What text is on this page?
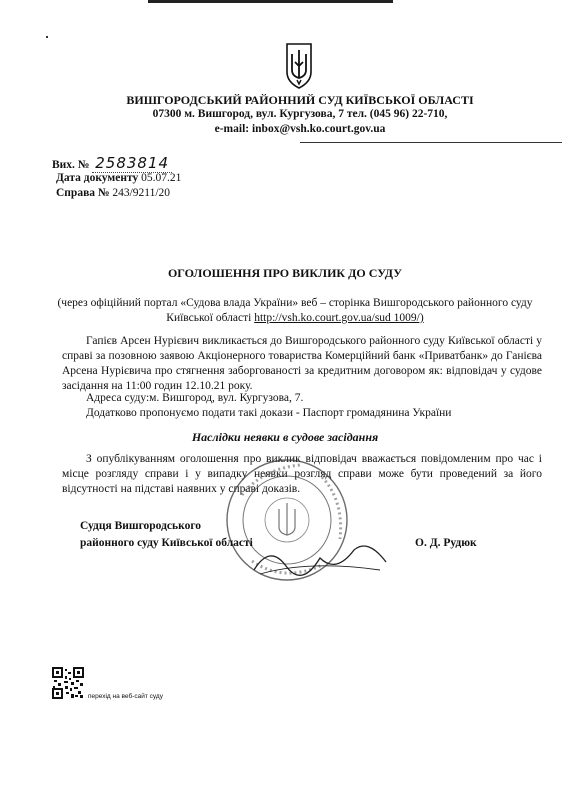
ВИШГОРОДСЬКИЙ РАЙОННИЙ СУД КИЇВСЬКОЇ ОБЛАСТІ
07300 м. Вишгород, вул. Кургузова, 7 тел. (045 96) 22-710,
e-mail: inbox@vsh.ko.court.gov.ua
Вих. № 2583814
Дата документу 05.07.21
Справа № 243/9211/20
ОГОЛОШЕННЯ ПРО ВИКЛИК ДО СУДУ
(через офіційний портал «Судова влада України» веб – сторінка Вишгородського районного суду Київської області http://vsh.ko.court.gov.ua/sud 1009/)

Гапієв Арсен Нурієвич викликається до Вишгородського районного суду Київської області у справі за позовною заявою Акціонерного товариства Комерційний банк «Приватбанк» до Ганієва Арсена Нурієвича про стягнення заборгованості за кредитним договором як: відповідач у судове засідання на 11:00 годин 12.10.21 року.

Адреса суду:м. Вишгород, вул. Кургузова, 7.
Додатково пропонуємо подати такі докази - Паспорт громадянина України
Наслідки неявки в судове засідання

З опублікуванням оголошення про виклик відповідач вважається повідомленим про час і місце розгляду справи і у випадку неявки розгляд справи може бути проведений за його відсутності на підставі наявних у справі доказів.

Судця Вишгородського
районного суду Київської області	О. Д. Рудюк
перехід на веб-сайт суду
